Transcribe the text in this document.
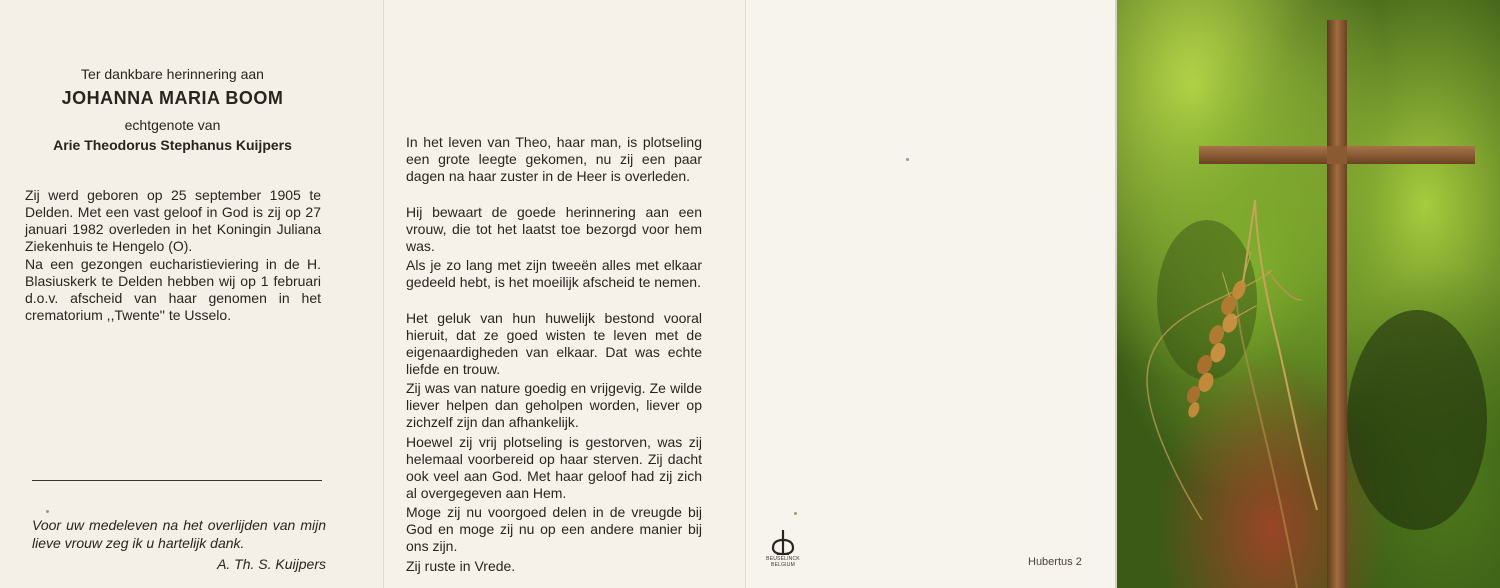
Ter dankbare herinnering aan
JOHANNA MARIA BOOM
echtgenote van
Arie Theodorus Stephanus Kuijpers

Zij werd geboren op 25 september 1905 te Delden. Met een vast geloof in God is zij op 27 januari 1982 overleden in het Koningin Juliana Ziekenhuis te Hengelo (O).

Na een gezongen eucharistieviering in de H. Blasiuskerk te Delden hebben wij op 1 februari d.o.v. afscheid van haar genomen in het crematorium ,,Twente'' te Usselo.

Voor uw medeleven na het overlijden van mijn lieve vrouw zeg ik u hartelijk dank.

A. Th. S. Kuijpers

In het leven van Theo, haar man, is plotseling een grote leegte gekomen, nu zij een paar dagen na haar zuster in de Heer is overleden.

Hij bewaart de goede herinnering aan een vrouw, die tot het laatst toe bezorgd voor hem was.

Als je zo lang met zijn tweeën alles met elkaar gedeeld hebt, is het moeilijk afscheid te nemen.

Het geluk van hun huwelijk bestond vooral hieruit, dat ze goed wisten te leven met de eigenaardigheden van elkaar. Dat was echte liefde en trouw.

Zij was van nature goedig en vrijgevig. Ze wilde liever helpen dan geholpen worden, liever op zichzelf zijn dan afhankelijk.

Hoewel zij vrij plotseling is gestorven, was zij helemaal voorbereid op haar sterven. Zij dacht ook veel aan God. Met haar geloof had zij zich al overgegeven aan Hem.

Moge zij nu voorgoed delen in de vreugde bij God en moge zij nu op een andere manier bij ons zijn.

Zij ruste in Vrede.	BEUSELINCK
BELGIUM	Hubertus 2
